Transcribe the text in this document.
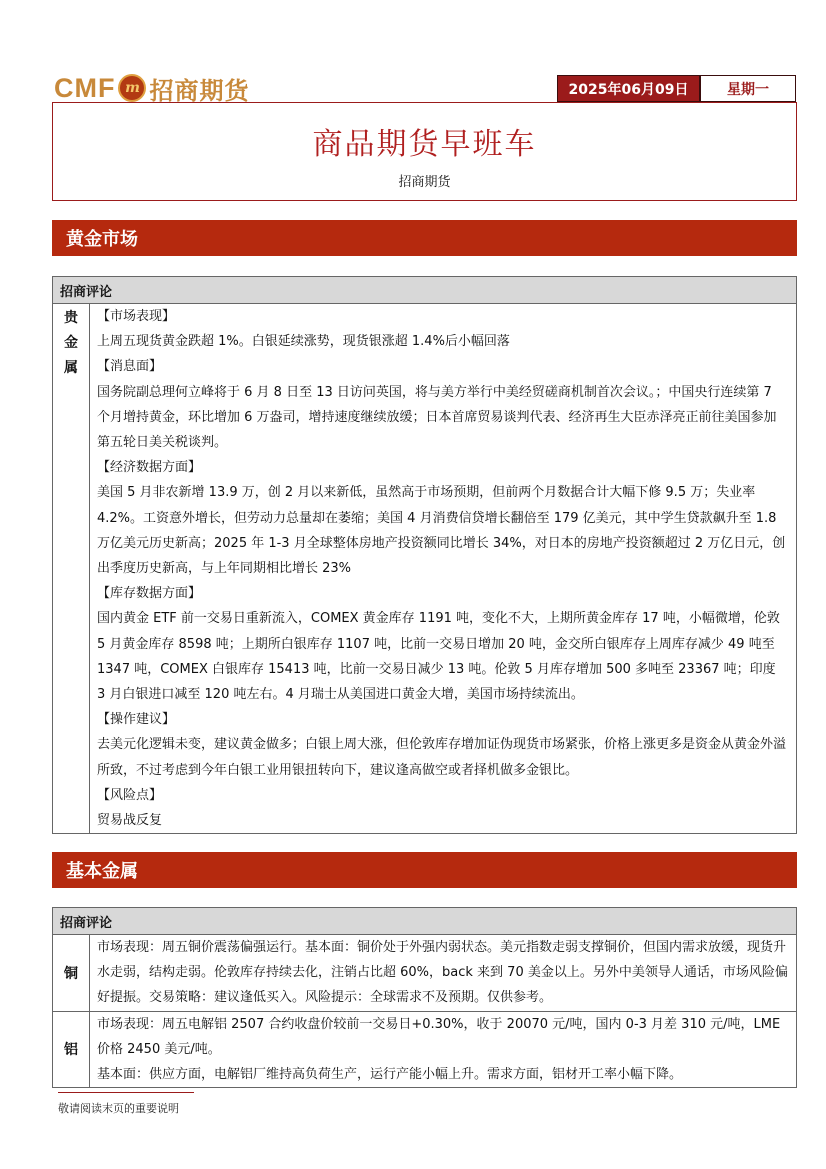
CMF m 招商期货	2025年06月09日	星期一
商品期货早班车
招商期货
黄金市场
招商评论
贵
金
属

【市场表现】

上周五现货黄金跌超 1%。白银延续涨势，现货银涨超 1.4%后小幅回落

【消息面】

国务院副总理何立峰将于 6 月 8 日至 13 日访问英国，将与美方举行中美经贸磋商机制首次会议。；中国央行连续第 7 个月增持黄金，环比增加 6 万盎司，增持速度继续放缓；日本首席贸易谈判代表、经济再生大臣赤泽亮正前往美国参加第五轮日美关税谈判。

【经济数据方面】

美国 5 月非农新增 13.9 万，创 2 月以来新低，虽然高于市场预期，但前两个月数据合计大幅下修 9.5 万；失业率 4.2%。工资意外增长，但劳动力总量却在萎缩；美国 4 月消费信贷增长翻倍至 179 亿美元，其中学生贷款飙升至 1.8 万亿美元历史新高；2025 年 1-3 月全球整体房地产投资额同比增长 34%，对日本的房地产投资额超过 2 万亿日元，创出季度历史新高，与上年同期相比增长 23%

【库存数据方面】

国内黄金 ETF 前一交易日重新流入，COMEX 黄金库存 1191 吨，变化不大，上期所黄金库存 17 吨，小幅微增，伦敦 5 月黄金库存 8598 吨；上期所白银库存 1107 吨，比前一交易日增加 20 吨，金交所白银库存上周库存减少 49 吨至 1347 吨，COMEX 白银库存 15413 吨，比前一交易日减少 13 吨。伦敦 5 月库存增加 500 多吨至 23367 吨；印度 3 月白银进口减至 120 吨左右。4 月瑞士从美国进口黄金大增，美国市场持续流出。

【操作建议】

去美元化逻辑未变，建议黄金做多；白银上周大涨，但伦敦库存增加证伪现货市场紧张，价格上涨更多是资金从黄金外溢所致，不过考虑到今年白银工业用银扭转向下，建议逢高做空或者择机做多金银比。

【风险点】

贸易战反复

基本金属
招商评论
铜

市场表现：周五铜价震荡偏强运行。基本面：铜价处于外强内弱状态。美元指数走弱支撑铜价，但国内需求放缓，现货升水走弱，结构走弱。伦敦库存持续去化，注销占比超 60%，back 来到 70 美金以上。另外中美领导人通话，市场风险偏好提振。交易策略：建议逢低买入。风险提示：全球需求不及预期。仅供参考。

铝

市场表现：周五电解铝 2507 合约收盘价较前一交易日+0.30%，收于 20070 元/吨，国内 0-3 月差 310 元/吨，LME 价格 2450 美元/吨。

基本面：供应方面，电解铝厂维持高负荷生产，运行产能小幅上升。需求方面，铝材开工率小幅下降。

敬请阅读末页的重要说明
